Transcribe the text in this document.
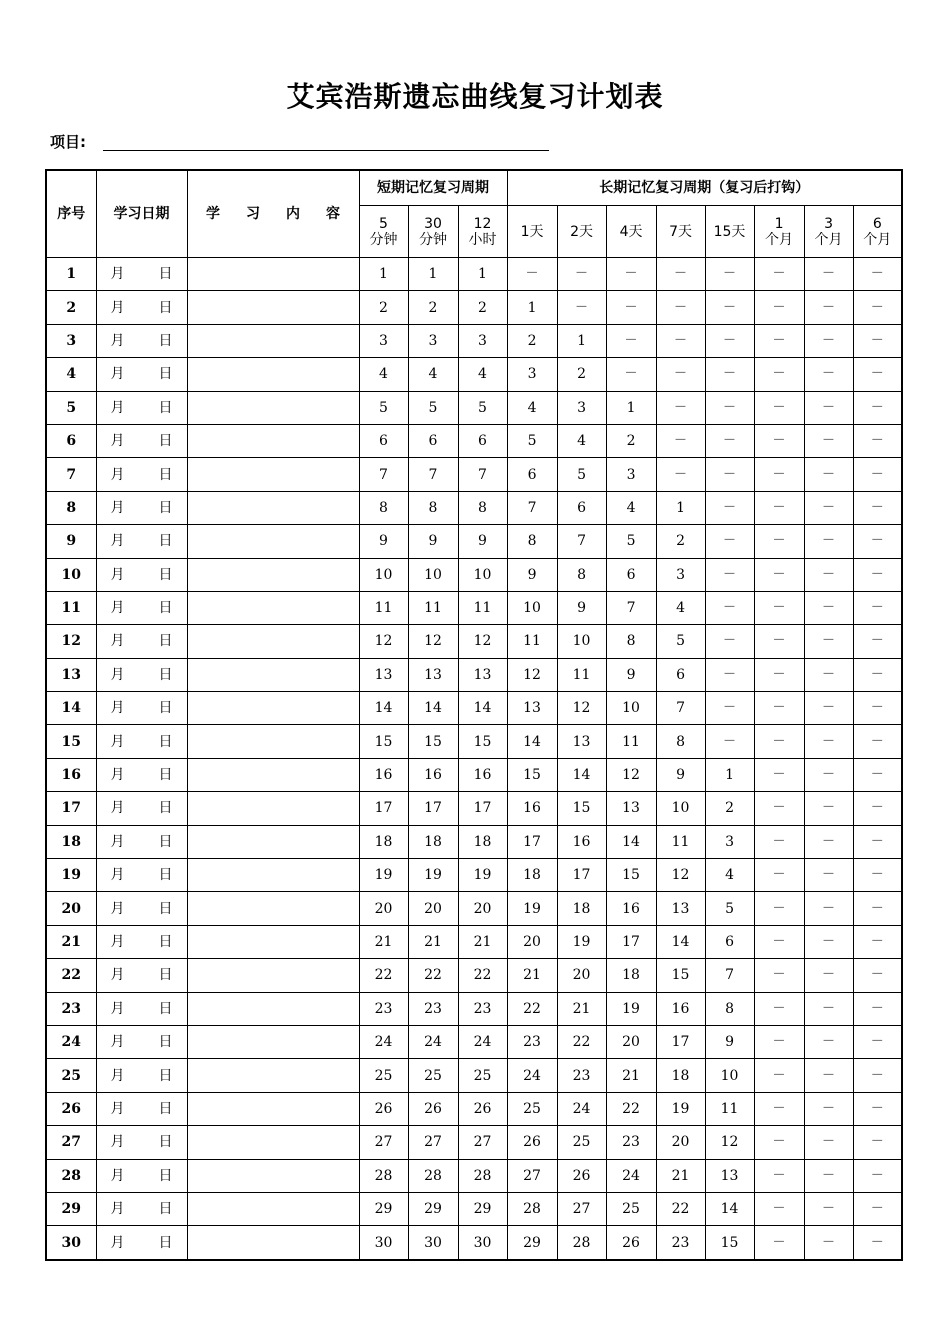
艾宾浩斯遗忘曲线复习计划表
项目:
序号	学习日期	学 习 内 容	短期记忆复习周期			长期记忆复习周期（复习后打钩）							
			5
分钟	30
分钟	12
小时	1天	2天	4天	7天	15天	1
个月	3
个月	6
个月
1	月 日		1	1	1	－	－	－	－	－	－	－	－
2	月 日		2	2	2	1	－	－	－	－	－	－	－
3	月 日		3	3	3	2	1	－	－	－	－	－	－
4	月 日		4	4	4	3	2	－	－	－	－	－	－
5	月 日		5	5	5	4	3	1	－	－	－	－	－
6	月 日		6	6	6	5	4	2	－	－	－	－	－
7	月 日		7	7	7	6	5	3	－	－	－	－	－
8	月 日		8	8	8	7	6	4	1	－	－	－	－
9	月 日		9	9	9	8	7	5	2	－	－	－	－
10	月 日		10	10	10	9	8	6	3	－	－	－	－
11	月 日		11	11	11	10	9	7	4	－	－	－	－
12	月 日		12	12	12	11	10	8	5	－	－	－	－
13	月 日		13	13	13	12	11	9	6	－	－	－	－
14	月 日		14	14	14	13	12	10	7	－	－	－	－
15	月 日		15	15	15	14	13	11	8	－	－	－	－
16	月 日		16	16	16	15	14	12	9	1	－	－	－
17	月 日		17	17	17	16	15	13	10	2	－	－	－
18	月 日		18	18	18	17	16	14	11	3	－	－	－
19	月 日		19	19	19	18	17	15	12	4	－	－	－
20	月 日		20	20	20	19	18	16	13	5	－	－	－
21	月 日		21	21	21	20	19	17	14	6	－	－	－
22	月 日		22	22	22	21	20	18	15	7	－	－	－
23	月 日		23	23	23	22	21	19	16	8	－	－	－
24	月 日		24	24	24	23	22	20	17	9	－	－	－
25	月 日		25	25	25	24	23	21	18	10	－	－	－
26	月 日		26	26	26	25	24	22	19	11	－	－	－
27	月 日		27	27	27	26	25	23	20	12	－	－	－
28	月 日		28	28	28	27	26	24	21	13	－	－	－
29	月 日		29	29	29	28	27	25	22	14	－	－	－
30	月 日		30	30	30	29	28	26	23	15	－	－	－
